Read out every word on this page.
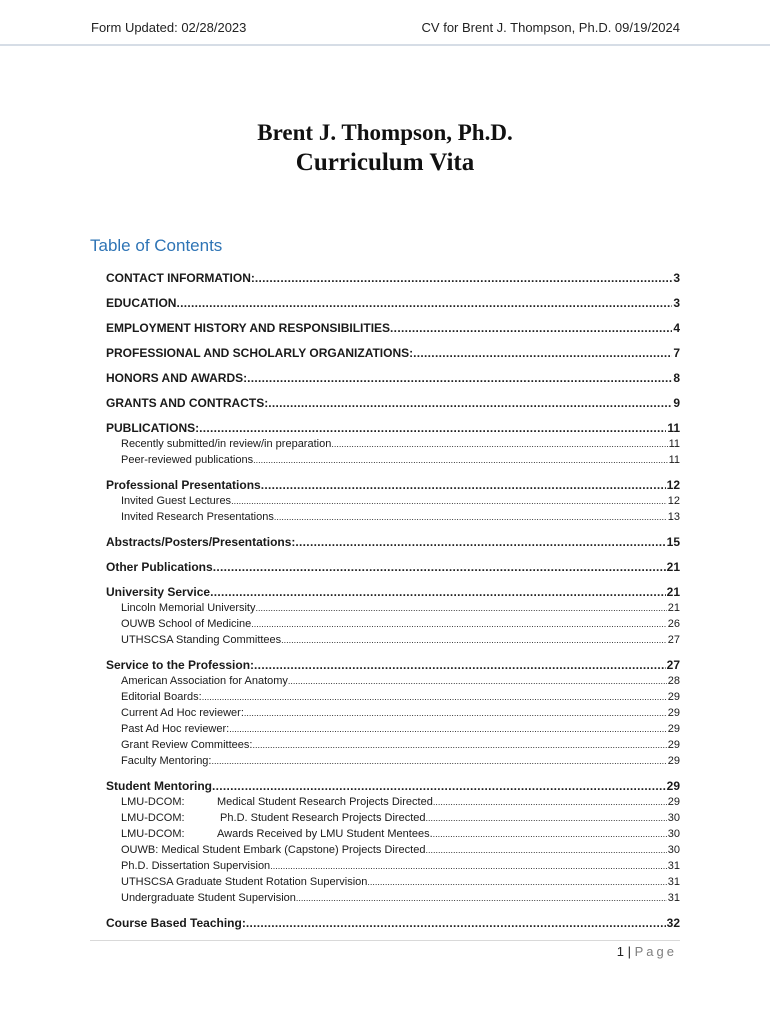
Form Updated: 02/28/2023	CV for Brent J. Thompson, Ph.D. 09/19/2024
Brent J. Thompson, Ph.D.
Curriculum Vita
Table of Contents
CONTACT INFORMATION: .....	3
EDUCATION .....	3
EMPLOYMENT HISTORY AND RESPONSIBILITIES .....	4
PROFESSIONAL AND SCHOLARLY ORGANIZATIONS: .....	7
HONORS AND AWARDS: .....	8
GRANTS AND CONTRACTS: .....	9
PUBLICATIONS: .....	11
Recently submitted/in review/in preparation .....	11
Peer-reviewed publications .....	11
Professional Presentations .....	12
Invited Guest Lectures .....	12
Invited Research Presentations .....	13
Abstracts/Posters/Presentations: .....	15
Other Publications .....	21
University Service .....	21
Lincoln Memorial University .....	21
OUWB School of Medicine .....	26
UTHSCSA Standing Committees .....	27
Service to the Profession: .....	27
American Association for Anatomy .....	28
Editorial Boards: .....	29
Current Ad Hoc reviewer: .....	29
Past Ad Hoc reviewer: .....	29
Grant Review Committees: .....	29
Faculty Mentoring: .....	29
Student Mentoring .....	29
LMU-DCOM:	Medical Student Research Projects Directed .....	29
LMU-DCOM:	Ph.D. Student Research Projects Directed .....	30
LMU-DCOM:	Awards Received by LMU Student Mentees. .....	30
OUWB: Medical Student Embark (Capstone) Projects Directed .....	30
Ph.D. Dissertation Supervision .....	31
UTHSCSA Graduate Student Rotation Supervision .....	31
Undergraduate Student Supervision .....	31
Course Based Teaching: .....	32
1 | Page
